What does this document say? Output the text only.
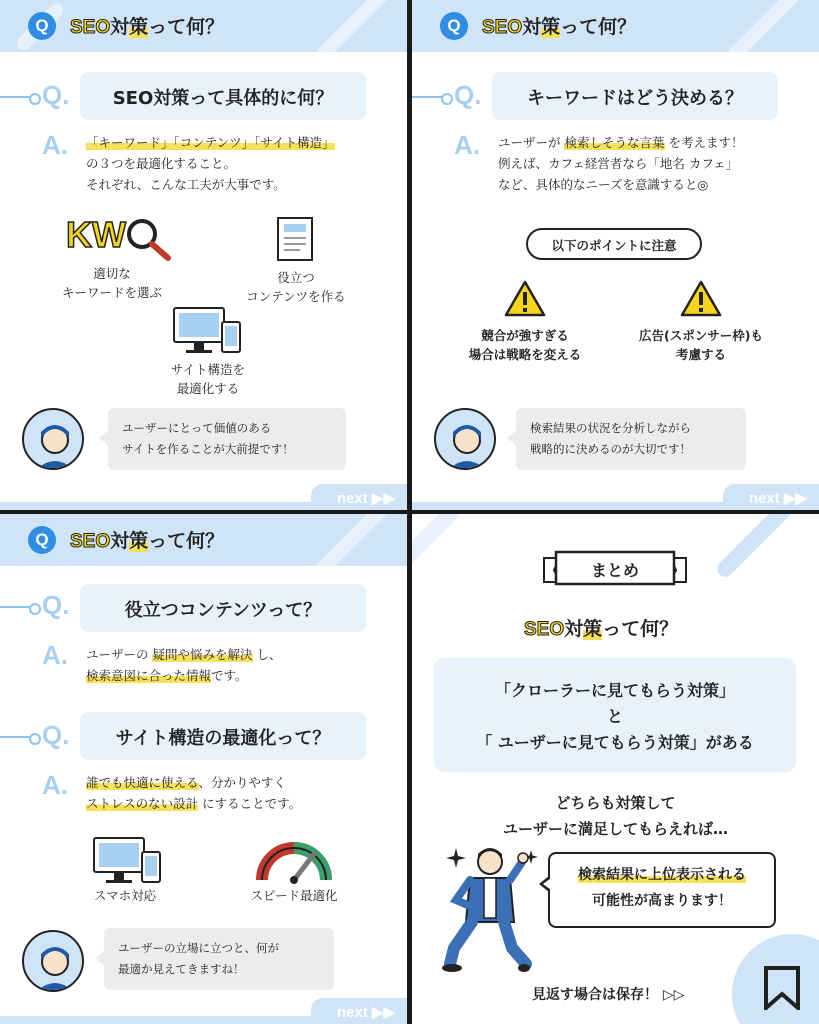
Q	SEO対策って何？
Q.	SEO対策って具体的に何？
A. 「キーワード」「コンテンツ」「サイト構造」
の３つを最適化すること。
それぞれ、こんな工夫が大事です。
KW
適切な
キーワードを選ぶ
役立つ
コンテンツを作る
サイト構造を
最適化する
ユーザーにとって価値のある
サイトを作ることが大前提です！
next ▶▶
Q	SEO対策って何？
Q.	キーワードはどう決める？
A. ユーザーが 検索しそうな言葉 を考えます！
例えば、カフェ経営者なら「地名 カフェ」
など、具体的なニーズを意識すると◎
以下のポイントに注意
競合が強すぎる
場合は戦略を変える
広告(スポンサー枠)も
考慮する
検索結果の状況を分析しながら
戦略的に決めるのが大切です！
next ▶▶
Q	SEO対策って何？
Q.	役立つコンテンツって？
A. ユーザーの 疑問や悩みを解決 し、
検索意図に合った情報です。
Q.	サイト構造の最適化って？
A. 誰でも快適に使える、分かりやすく
ストレスのない設計 にすることです。
スマホ対応	スピード最適化
ユーザーの立場に立つと、何が
最適か見えてきますね！
next ▶▶
まとめ
SEO対策って何？
「クローラーに見てもらう対策」
と
「 ユーザーに見てもらう対策」がある
どちらも対策して
ユーザーに満足してもらえれば…
検索結果に上位表示される
可能性が高まります！
見返す場合は保存！ ▷▷
